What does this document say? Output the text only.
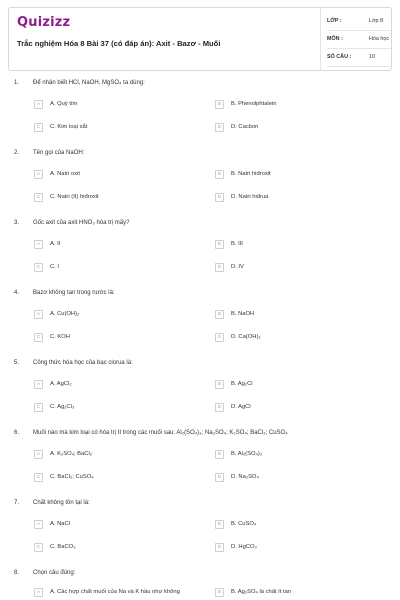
Quizizz
Trắc nghiệm Hóa 8 Bài 37 (có đáp án): Axit - Bazơ - Muối
LỚP :	Lớp 8
MÔN :	Hóa học
SỐ CÂU :	10
1. Để nhận biết HCl, NaOH, MgSO₄ ta dùng:
A	A. Quỳ tím	B	B. Phenolphtalein
C	C. Kim loại sắt	D	D. Cacbon
2. Tên gọi của NaOH:
A	A. Natri oxit	B	B. Natri hiđroxit
C	C. Natri (II) hiđroxit	D	D. Natri hiđrua
3. Gốc axit của axit HNO₃ hóa trị mấy?
A	A. II	B	B. III
C	C. I	D	D. IV
4. Bazơ không tan trong nước là:
A	A. Cu(OH)₂	B	B. NaOH
C	C. KOH	D	D. Ca(OH)₂
5. Công thức hóa học của bạc clorua là:
A	A. AgCl₂	B	B. Ag₂Cl
C	C. Ag₂Cl₃	D	D. AgCl
6. Muối nào mà kim loại có hóa trị II trong các muối sau: Al₂(SO₄)₃; Na₂SO₄; K₂SO₄; BaCl₂; CuSO₄
A	A. K₂SO₄; BaCl₂	B	B. Al₂(SO₄)₃
C	C. BaCl₂; CuSO₄	D	D. Na₂SO₄
7. Chất không tồn tại là:
A	A. NaCl	B	B. CuSO₄
C	C. BaCO₃	D	D. HgCO₃
8. Chọn câu đúng:
A	A. Các hợp chất muối của Na và K hầu như không	B	B. Ag₂SO₄ là chất ít tan
